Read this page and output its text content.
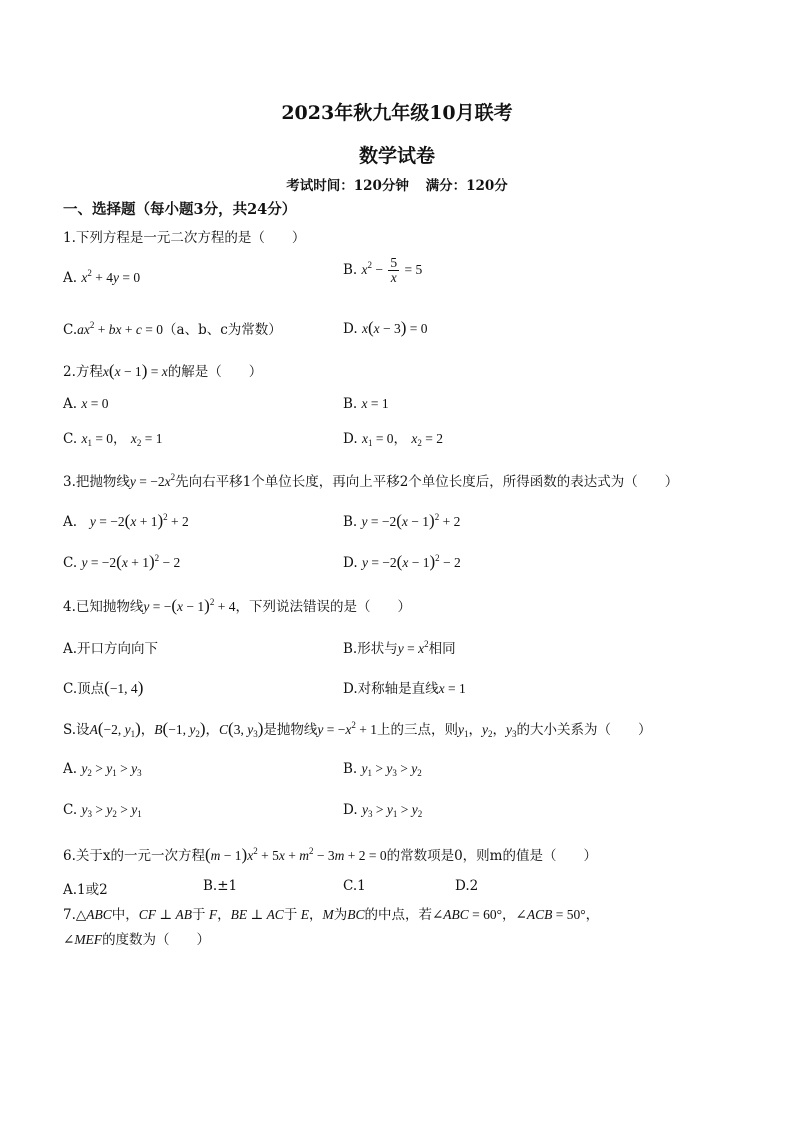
2023年秋九年级10月联考
数学试卷
考试时间：120分钟 满分：120分
一、选择题（每小题3分，共24分）
1.下列方程是一元二次方程的是（　　）
A. $x^2 + 4y = 0$	B. $x^2 - \frac{5}{x} = 5$
$C.ax^2$ + bx + c = 0（a、b、c为常数）	D. x(x − 3) = 0
2.方程x(x − 1) = x的解是（　　）
A. x = 0	B. x = 1
C. $x_1 = 0$， $x_2 = 1$	D. $x_1 = 0$， $x_2 = 2$
3.把抛物线$y = -2x^2$先向右平移1个单位长度，再向上平移2个单位长度后，所得函数的表达式为（　　）
A. $y = -2(x + 1)^2 + 2$	B. $y = -2(x - 1)^2 + 2$
C. $y = -2(x + 1)^2 - 2$	D. $y = -2(x - 1)^2 - 2$
4.已知抛物线$y = -(x - 1)^2 + 4$，下列说法错误的是（　　）
A.开口方向向下	B.形状与$y = x^2$相同
C.顶点(−1, 4)	D.对称轴是直线x = 1
S.设A(−2, $y_1$)，B(−1, $y_2$)，C(3, $y_3$)是抛物线$y = -x^2 + 1$上的三点，则$y_1$，$y_2$，$y_3$的大小关系为（　　）
A. $y_2 > y_1 > y_3$	B. $y_1 > y_3 > y_2$
C. $y_3 > y_2 > y_1$	D. $y_3 > y_1 > y_2$
6.关于x的一元一次方程$(m - 1)x^2 + 5x + m^2 - 3m + 2 = 0$的常数项是0，则m的值是（　　）
A.1或2	B.±1	C.1	D.2
7.△ABC中，CF ⊥ AB于 F，BE ⊥ AC于 E，M为BC的中点，若∠ABC = 60°，∠ACB = 50°，
∠MEF的度数为（　　）
